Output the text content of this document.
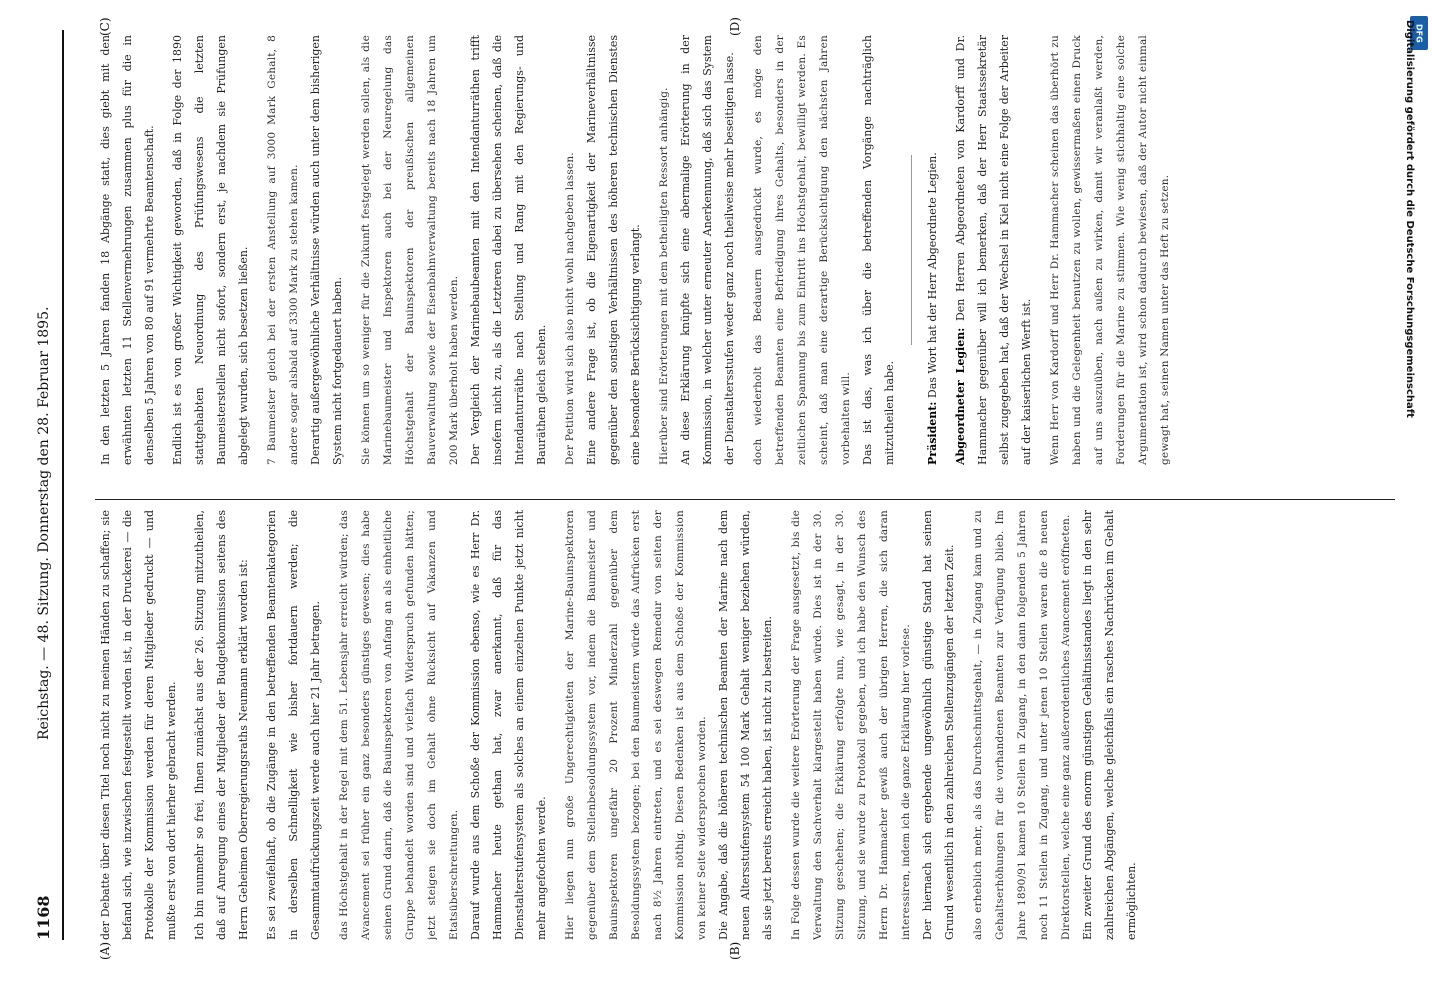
1168
Reichstag. — 48. Sitzung. Donnerstag den 28. Februar 1895.
(A)	(B)
(C)	(D)

der Debatte über diesen Titel noch nicht zu meinen Händen zu schaffen; sie befand sich, wie inzwischen festgestellt worden ist, in der Druckerei — die Protokolle der Kommission werden für deren Mitglieder gedruckt — und mußte erst von dort hierher gebracht werden.	Ich bin nunmehr so frei, Ihnen zunächst aus der 26. Sitzung mitzutheilen, daß auf Anregung eines der Mitglieder der Budgetkommission seitens des Herrn Geheimen Oberregierungsraths Neumann erklärt worden ist:	Es sei zweifelhaft, ob die Zugänge in den betreffenden Beamtenkategorien in derselben Schnelligkeit wie bisher fortdauern werden; die Gesammtaufrückungszeit werde auch hier 21 Jahr betragen.	das Höchstgehalt in der Regel mit dem 51. Lebensjahr erreicht würden; das Avancement sei früher ein ganz besonders günstiges gewesen; dies habe seinen Grund darin, daß die Bauinspektoren von Anfang an als einheitliche Gruppe behandelt worden sind und vielfach Widerspruch gefunden hätten; jetzt steigen sie doch im Gehalt ohne Rücksicht auf Vakanzen und Etatsüberschreitungen. Darauf wurde aus dem Schoße der Kommission ebenso, wie es Herr Dr. Hammacher heute gethan hat, zwar anerkannt, daß für das Dienstalterstufensystem als solches an einem einzelnen Punkte jetzt nicht mehr angefochten werde.	Hier liegen nun große Ungerechtigkeiten der Marine-Bauinspektoren gegenüber dem Stellenbesoldungssystem vor, indem die Baumeister und Bauinspektoren ungefähr 20 Prozent Minderzahl gegenüber dem Besoldungssystem bezogen; bei den Baumeistern würde das Aufrücken erst nach 8½ Jahren eintreten, und es sei deswegen Remedur von seiten der Kommission nöthig. Diesen Bedenken ist aus dem Schoße der Kommission von keiner Seite widersprochen worden. Die Angabe, daß die höheren technischen Beamten der Marine nach dem neuen Altersstufensystem 54 100 Mark Gehalt weniger beziehen würden, als sie jetzt bereits erreicht haben, ist nicht zu bestreiten.	In Folge dessen wurde die weitere Erörterung der Frage ausgesetzt, bis die Verwaltung den Sachverhalt klargestellt haben würde. Dies ist in der 30. Sitzung geschehen; die Erklärung erfolgte nun, wie gesagt, in der 30. Sitzung, und sie wurde zu Protokoll gegeben, und ich habe den Wunsch des Herrn Dr. Hammacher gewiß auch der übrigen Herren, die sich daran interessiren, indem ich die ganze Erklärung hier vorlese. Der hiernach sich ergebende ungewöhnlich günstige Stand hat seinen Grund wesentlich in den zahlreichen Stellenzugängen der letzten Zeit.	also erheblich mehr, als das Durchschnittsgehalt, — in Zugang kam und zu Gehaltserhöhungen für die vorhandenen Beamten zur Verfügung blieb. Im Jahre 1890/91 kamen 10 Stellen in Zugang, in den dann folgenden 5 Jahren noch 11 Stellen in Zugang, und unter jenen 10 Stellen waren die 8 neuen Direktorstellen, welche eine ganz außerordentliches Avancement eröffneten. Ein zweiter Grund des enorm günstigen Gehältnisstandes liegt in den sehr zahlreichen Abgängen, welche gleichfalls ein rasches Nachrücken im Gehalt ermöglichten.

In den letzten 5 Jahren fanden 18 Abgänge statt, dies giebt mit den erwähnten letzten 11 Stellenvermehrungen zusammen plus für die in denselben 5 Jahren von 80 auf 91 vermehrte Beamtenschaft.	Endlich ist es von großer Wichtigkeit geworden, daß in Folge der 1890 stattgehabten Neuordnung des Prüfungswesens die letzten Baumeisterstellen nicht sofort, sondern erst, je nachdem sie Prüfungen abgelegt wurden, sich besetzen ließen.	7 Baumeister gleich bei der ersten Anstellung auf 3000 Mark Gehalt, 8 andere sogar alsbald auf 3300 Mark zu stehen kamen. Derartig außergewöhnliche Verhältnisse würden auch unter dem bisherigen System nicht fortgedauert haben.	Sie können um so weniger für die Zukunft festgelegt werden sollen, als die Marinebaumeister und Inspektoren auch bei der Neuregelung das Höchstgehalt der Bauinspektoren der preußischen allgemeinen Bauverwaltung sowie der Eisenbahnverwaltung bereits nach 18 Jahren um 200 Mark überholt haben werden. Der Vergleich der Marinebaubeamten mit den Intendanturräthen trifft insofern nicht zu, als die Letzteren dabei zu übersehen scheinen, daß die Intendanturräthe nach Stellung und Rang mit den Regierungs- und Bauräthen gleich stehen.	Der Petition wird sich also nicht wohl nachgeben lassen. Eine andere Frage ist, ob die Eigenartigkeit der Marineverhältnisse gegenüber den sonstigen Verhältnissen des höheren technischen Dienstes eine besondere Berücksichtigung verlangt.	Hierüber sind Erörterungen mit dem betheiligten Ressort anhängig. An diese Erklärung knüpfte sich eine abermalige Erörterung in der Kommission, in welcher unter erneuter Anerkennung, daß sich das System der Dienstaltersstufen weder ganz noch theilweise mehr beseitigen lasse.	doch wiederholt das Bedauern ausgedrückt wurde, es möge den betreffenden Beamten eine Befriedigung ihres Gehalts, besonders in der zeitlichen Spannung bis zum Eintritt ins Höchstgehalt, bewilligt werden. Es scheint, daß man eine derartige Berücksichtigung den nächsten Jahren vorbehalten will. Das ist das, was ich über die betreffenden Vorgänge nachträglich mitzutheilen habe.	Präsident: Das Wort hat der Herr Abgeordnete Legien.	Abgeordneter Legien: Den Herren Abgeordneten von Kardorff und Dr. Hammacher gegenüber will ich bemerken, daß der Herr Staatssekretär selbst zugegeben hat, daß der Wechsel in Kiel nicht eine Folge der Arbeiter auf der kaiserlichen Werft ist.	Wenn Herr von Kardorff und Herr Dr. Hammacher scheinen das überhört zu haben und die Gelegenheit benutzen zu wollen, gewissermaßen einen Druck auf uns auszuüben, nach außen zu wirken, damit wir veranlaßt werden, Forderungen für die Marine zu stimmen. Wie wenig stichhaltig eine solche Argumentation ist, wird schon dadurch bewiesen, daß der Autor nicht einmal gewagt hat, seinen Namen unter das Heft zu setzen.

DFG
Digitalisierung gefördert durch die Deutsche Forschungsgemeinschaft
